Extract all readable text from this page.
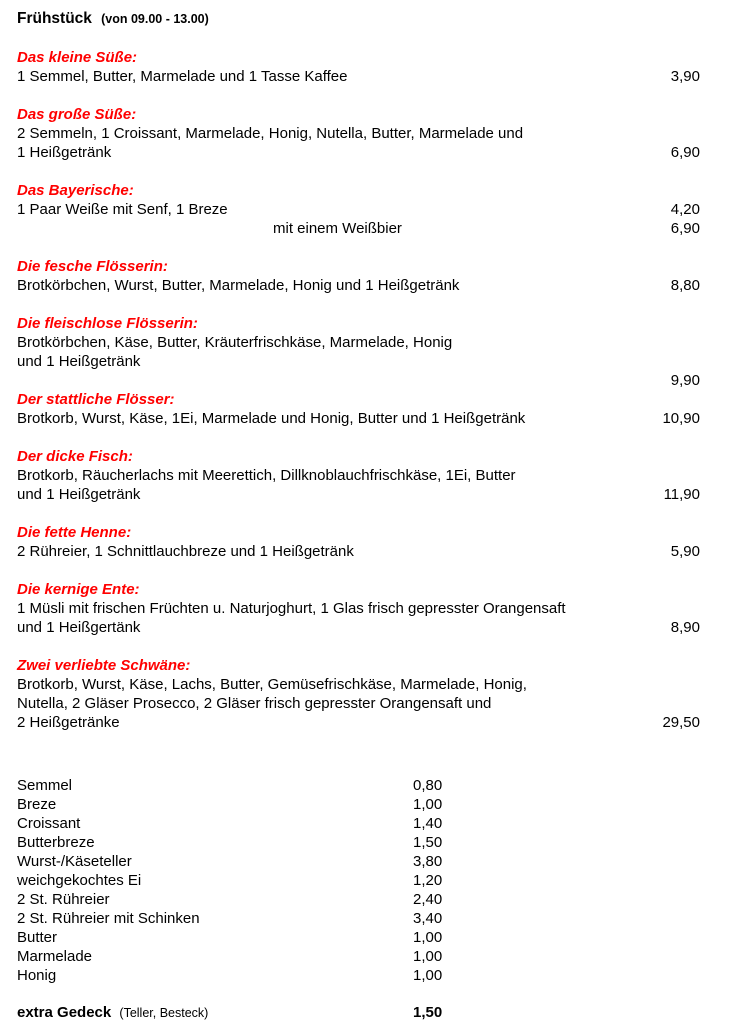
Frühstück (von 09.00 - 13.00)
Das kleine Süße:
1 Semmel, Butter, Marmelade und 1 Tasse Kaffee	3,90
Das große Süße:
2 Semmeln, 1 Croissant, Marmelade, Honig, Nutella, Butter, Marmelade und
1 Heißgetränk	6,90
Das Bayerische:
1 Paar Weiße mit Senf, 1 Breze	4,20
mit einem Weißbier	6,90
Die fesche Flösserin:
Brotkörbchen, Wurst, Butter, Marmelade, Honig und 1 Heißgetränk	8,80
Die fleischlose Flösserin:
Brotkörbchen, Käse, Butter, Kräuterfrischkäse, Marmelade, Honig
und 1 Heißgetränk
9,90
Der stattliche Flösser:
Brotkorb, Wurst, Käse, 1Ei, Marmelade und Honig, Butter und 1 Heißgetränk	10,90
Der dicke Fisch:
Brotkorb, Räucherlachs mit Meerettich, Dillknoblauchfrischkäse, 1Ei, Butter
und 1 Heißgetränk	11,90
Die fette Henne:
2 Rühreier, 1 Schnittlauchbreze und 1 Heißgetränk	5,90
Die kernige Ente:
1 Müsli mit frischen Früchten u. Naturjoghurt, 1 Glas frisch gepresster Orangensaft
und 1 Heißgertänk	8,90
Zwei verliebte Schwäne:
Brotkorb, Wurst, Käse, Lachs, Butter, Gemüsefrischkäse, Marmelade, Honig,
Nutella, 2 Gläser Prosecco, 2 Gläser frisch gepresster Orangensaft und
2 Heißgetränke	29,50
Semmel	0,80
Breze	1,00
Croissant	1,40
Butterbreze	1,50
Wurst-/Käseteller	3,80
weichgekochtes Ei	1,20
2 St. Rühreier	2,40
2 St. Rühreier mit Schinken	3,40
Butter	1,00
Marmelade	1,00
Honig	1,00
extra Gedeck (Teller, Besteck)	1,50
